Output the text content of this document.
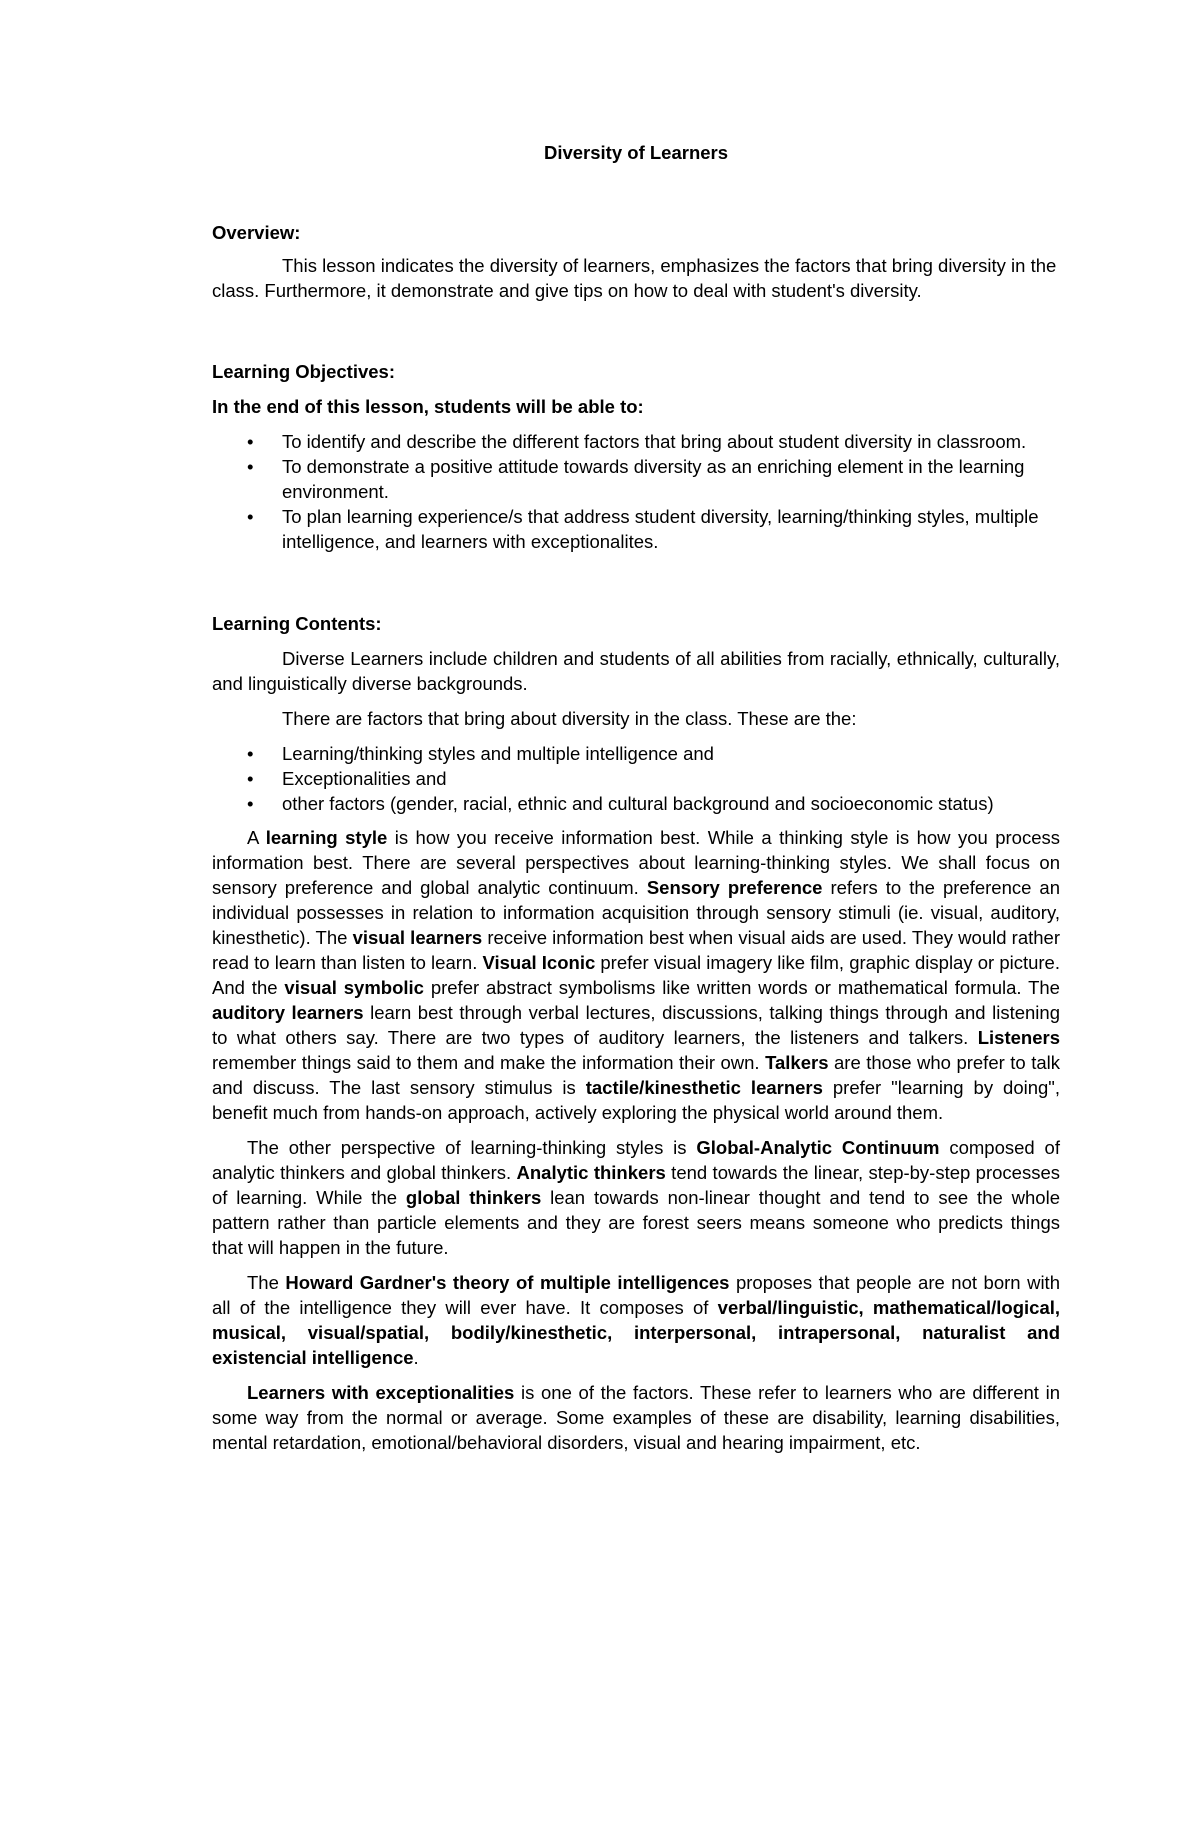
Diversity of Learners

Overview:

This lesson indicates the diversity of learners, emphasizes the factors that bring diversity in the class. Furthermore, it demonstrate and give tips on how to deal with student's diversity.

Learning Objectives:

In the end of this lesson, students will be able to:

• To identify and describe the different factors that bring about student diversity in classroom.
• To demonstrate a positive attitude towards diversity as an enriching element in the learning environment.
• To plan learning experience/s that address student diversity, learning/thinking styles, multiple intelligence, and learners with exceptionalites.
Learning Contents:

Diverse Learners include children and students of all abilities from racially, ethnically, culturally, and linguistically diverse backgrounds.

There are factors that bring about diversity in the class. These are the:

• Learning/thinking styles and multiple intelligence and
• Exceptionalities and
• other factors (gender, racial, ethnic and cultural background and socioeconomic status)

A learning style is how you receive information best. While a thinking style is how you process information best. There are several perspectives about learning-thinking styles. We shall focus on sensory preference and global analytic continuum. Sensory preference refers to the preference an individual possesses in relation to information acquisition through sensory stimuli (ie. visual, auditory, kinesthetic). The visual learners receive information best when visual aids are used. They would rather read to learn than listen to learn. Visual Iconic prefer visual imagery like film, graphic display or picture. And the visual symbolic prefer abstract symbolisms like written words or mathematical formula. The auditory learners learn best through verbal lectures, discussions, talking things through and listening to what others say. There are two types of auditory learners, the listeners and talkers. Listeners remember things said to them and make the information their own. Talkers are those who prefer to talk and discuss. The last sensory stimulus is tactile/kinesthetic learners prefer "learning by doing", benefit much from hands-on approach, actively exploring the physical world around them.

The other perspective of learning-thinking styles is Global-Analytic Continuum composed of analytic thinkers and global thinkers. Analytic thinkers tend towards the linear, step-by-step processes of learning. While the global thinkers lean towards non-linear thought and tend to see the whole pattern rather than particle elements and they are forest seers means someone who predicts things that will happen in the future.

The Howard Gardner's theory of multiple intelligences proposes that people are not born with all of the intelligence they will ever have. It composes of verbal/linguistic, mathematical/logical, musical, visual/spatial, bodily/kinesthetic, interpersonal, intrapersonal, naturalist and existencial intelligence.

Learners with exceptionalities is one of the factors. These refer to learners who are different in some way from the normal or average. Some examples of these are disability, learning disabilities, mental retardation, emotional/behavioral disorders, visual and hearing impairment, etc.
